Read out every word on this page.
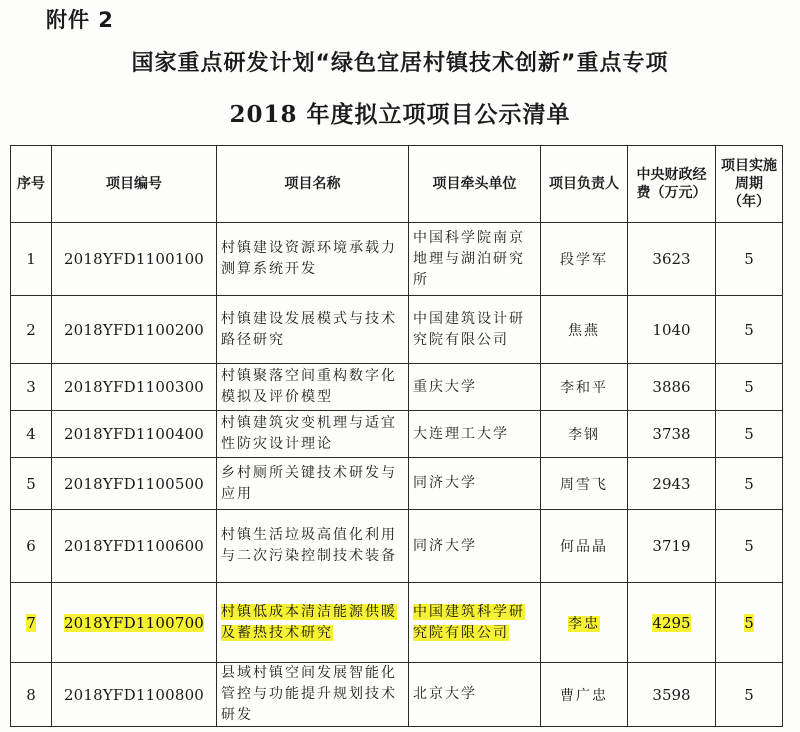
附件 2
国家重点研发计划“绿色宜居村镇技术创新”重点专项
2018 年度拟立项项目公示清单
序号	项目编号	项目名称	项目牵头单位	项目负责人	中央财政经费（万元）	项目实施周期（年）
1	2018YFD1100100	村镇建设资源环境承载力测算系统开发	中国科学院南京地理与湖泊研究所	段学军	3623	5
2	2018YFD1100200	村镇建设发展模式与技术路径研究	中国建筑设计研究院有限公司	焦燕	1040	5
3	2018YFD1100300	村镇聚落空间重构数字化模拟及评价模型	重庆大学	李和平	3886	5
4	2018YFD1100400	村镇建筑灾变机理与适宜性防灾设计理论	大连理工大学	李钢	3738	5
5	2018YFD1100500	乡村厕所关键技术研发与应用	同济大学	周雪飞	2943	5
6	2018YFD1100600	村镇生活垃圾高值化利用与二次污染控制技术装备	同济大学	何品晶	3719	5
7	2018YFD1100700	村镇低成本清洁能源供暖及蓄热技术研究	中国建筑科学研究院有限公司	李忠	4295	5
8	2018YFD1100800	县域村镇空间发展智能化管控与功能提升规划技术研发	北京大学	曹广忠	3598	5
